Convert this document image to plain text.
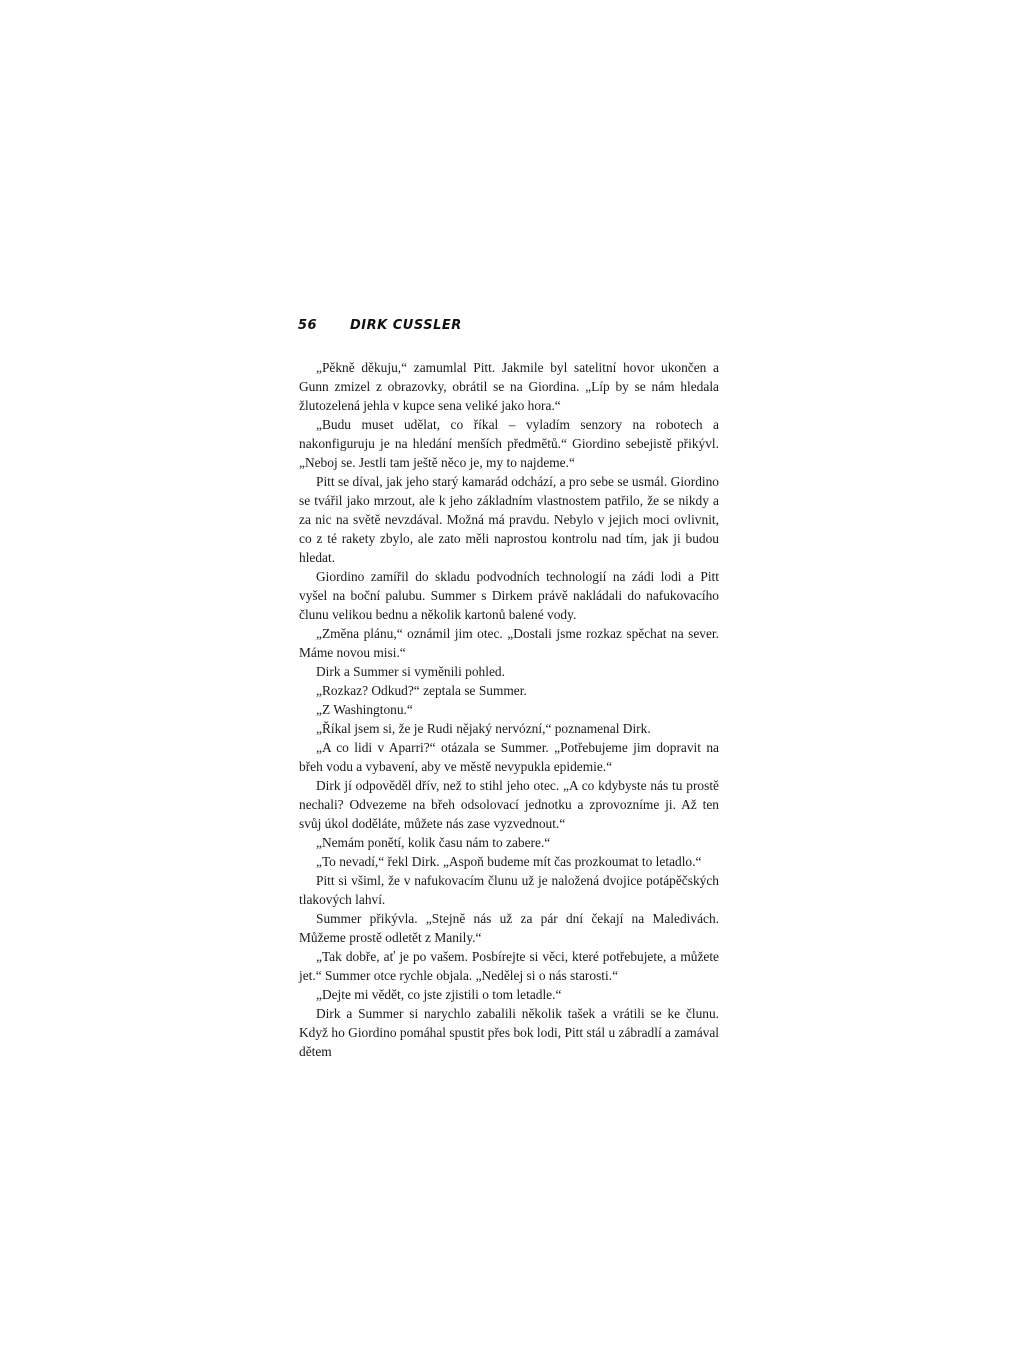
56	DIRK CUSSLER

„Pěkně děkuju,“ zamumlal Pitt. Jakmile byl satelitní hovor ukončen a Gunn zmizel z obrazovky, obrátil se na Giordina. „Líp by se nám hledala žlutozelená jehla v kupce sena veliké jako hora.“

„Budu muset udělat, co říkal – vyladím senzory na robotech a nakonfiguruju je na hledání menších předmětů.“ Giordino sebejistě přikývl. „Neboj se. Jestli tam ještě něco je, my to najdeme.“

Pitt se díval, jak jeho starý kamarád odchází, a pro sebe se usmál. Giordino se tvářil jako mrzout, ale k jeho základním vlastnostem patřilo, že se nikdy a za nic na světě nevzdával. Možná má pravdu. Nebylo v jejich moci ovlivnit, co z té rakety zbylo, ale zato měli naprostou kontrolu nad tím, jak ji budou hledat.

Giordino zamířil do skladu podvodních technologií na zádi lodi a Pitt vyšel na boční palubu. Summer s Dirkem právě nakládali do nafukovacího člunu velikou bednu a několik kartonů balené vody.

„Změna plánu,“ oznámil jim otec. „Dostali jsme rozkaz spěchat na sever. Máme novou misi.“

Dirk a Summer si vyměnili pohled.

„Rozkaz? Odkud?“ zeptala se Summer.

„Z Washingtonu.“

„Říkal jsem si, že je Rudi nějaký nervózní,“ poznamenal Dirk.

„A co lidi v Aparri?“ otázala se Summer. „Potřebujeme jim dopravit na břeh vodu a vybavení, aby ve městě nevypukla epidemie.“

Dirk jí odpověděl dřív, než to stihl jeho otec. „A co kdybyste nás tu prostě nechali? Odvezeme na břeh odsolovací jednotku a zprovozníme ji. Až ten svůj úkol doděláte, můžete nás zase vyzvednout.“

„Nemám ponětí, kolik času nám to zabere.“

„To nevadí,“ řekl Dirk. „Aspoň budeme mít čas prozkoumat to letadlo.“

Pitt si všiml, že v nafukovacím člunu už je naložená dvojice potápěčských tlakových lahví.

Summer přikývla. „Stejně nás už za pár dní čekají na Maledivách. Můžeme prostě odletět z Manily.“

„Tak dobře, ať je po vašem. Posbírejte si věci, které potřebujete, a můžete jet.“ Summer otce rychle objala. „Nedělej si o nás starosti.“

„Dejte mi vědět, co jste zjistili o tom letadle.“

Dirk a Summer si narychlo zabalili několik tašek a vrátili se ke člunu. Když ho Giordino pomáhal spustit přes bok lodi, Pitt stál u zábradlí a zamával dětem
